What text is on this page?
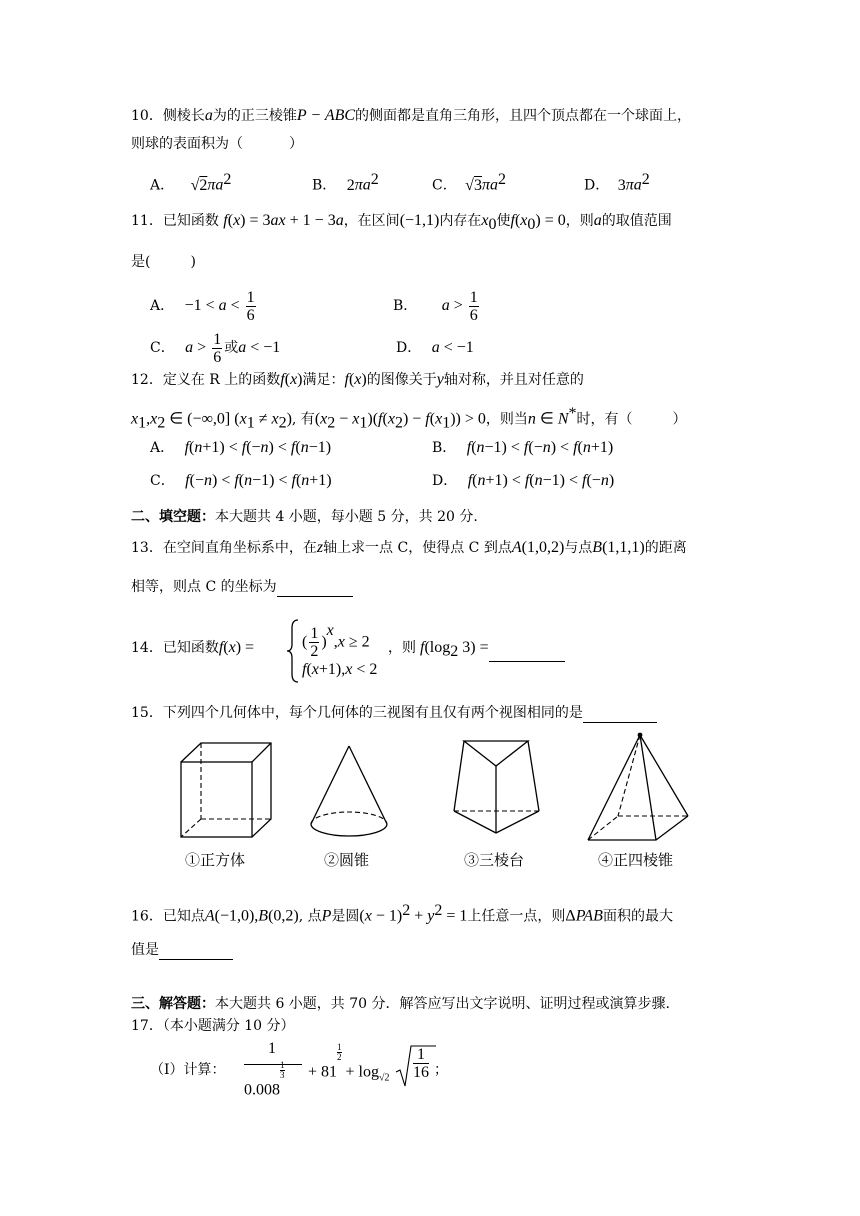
10．侧棱长a为的正三棱锥P − ABC的侧面都是直角三角形，且四个顶点都在一个球面上，
则球的表面积为（	）
A． $√2\pi a^2$	B． $2\pi a^2$	C． $√3\pi a^2$	D． $3\pi a^2$
11．已知函数 f(x) = 3ax + 1 − 3a，在区间(−1,1)内存在$x_0$使$f(x_0) = 0$，则a的取值范围
是(	)
A． $-1 < a < \frac{1}{6}$	B． $a > \frac{1}{6}$
C． $a > \frac{1}{6}$ 或a < −1	D． a < −1
12．定义在 R 上的函数f(x)满足：f(x)的图像关于y轴对称，并且对任意的
$x_1,x_2$ ∈ (−∞,0] $(x_1 \ne x_2)$, 有$(x_2 - x_1)(f(x_2) - f(x_1)) > 0$，则当n ∈ N*时，有（	）
A． f(n+1) < f(−n) < f(n−1)	B． f(n−1) < f(−n) < f(n+1)
C． f(−n) < f(n−1) < f(n+1)	D． f(n+1) < f(n−1) < f(−n)
二、填空题：本大题共 4 小题，每小题 5 分，共 20 分.
13．在空间直角坐标系中，在z轴上求一点 C，使得点 C 到点A(1,0,2)与点B(1,1,1)的距离
相等，则点 C 的坐标为
14．已知函数f(x) =	( $\frac{1}{2} )^x,x \ge 2$
f(x+1),x < 2
，则 $f(\log_2$ 3) =
15．下列四个几何体中，每个几何体的三视图有且仅有两个视图相同的是
①正方体	②圆锥	③三棱台	④正四棱锥
16．已知点A(−1,0),B(0,2), 点P是圆$(x - 1)^2 + y^2 = 1$上任意一点，则ΔPAB面积的最大
值是
三、解答题：本大题共 6 小题，共 70 分．解答应写出文字说明、证明过程或演算步骤.
17．（本小题满分 10 分）
（Ⅰ）计算：
1
0.008
$^{\frac{1}{3}}$ + 81
$^{\frac{1}{2}}$
+ $\log_{√2} \frac{1}{16}$ ；
